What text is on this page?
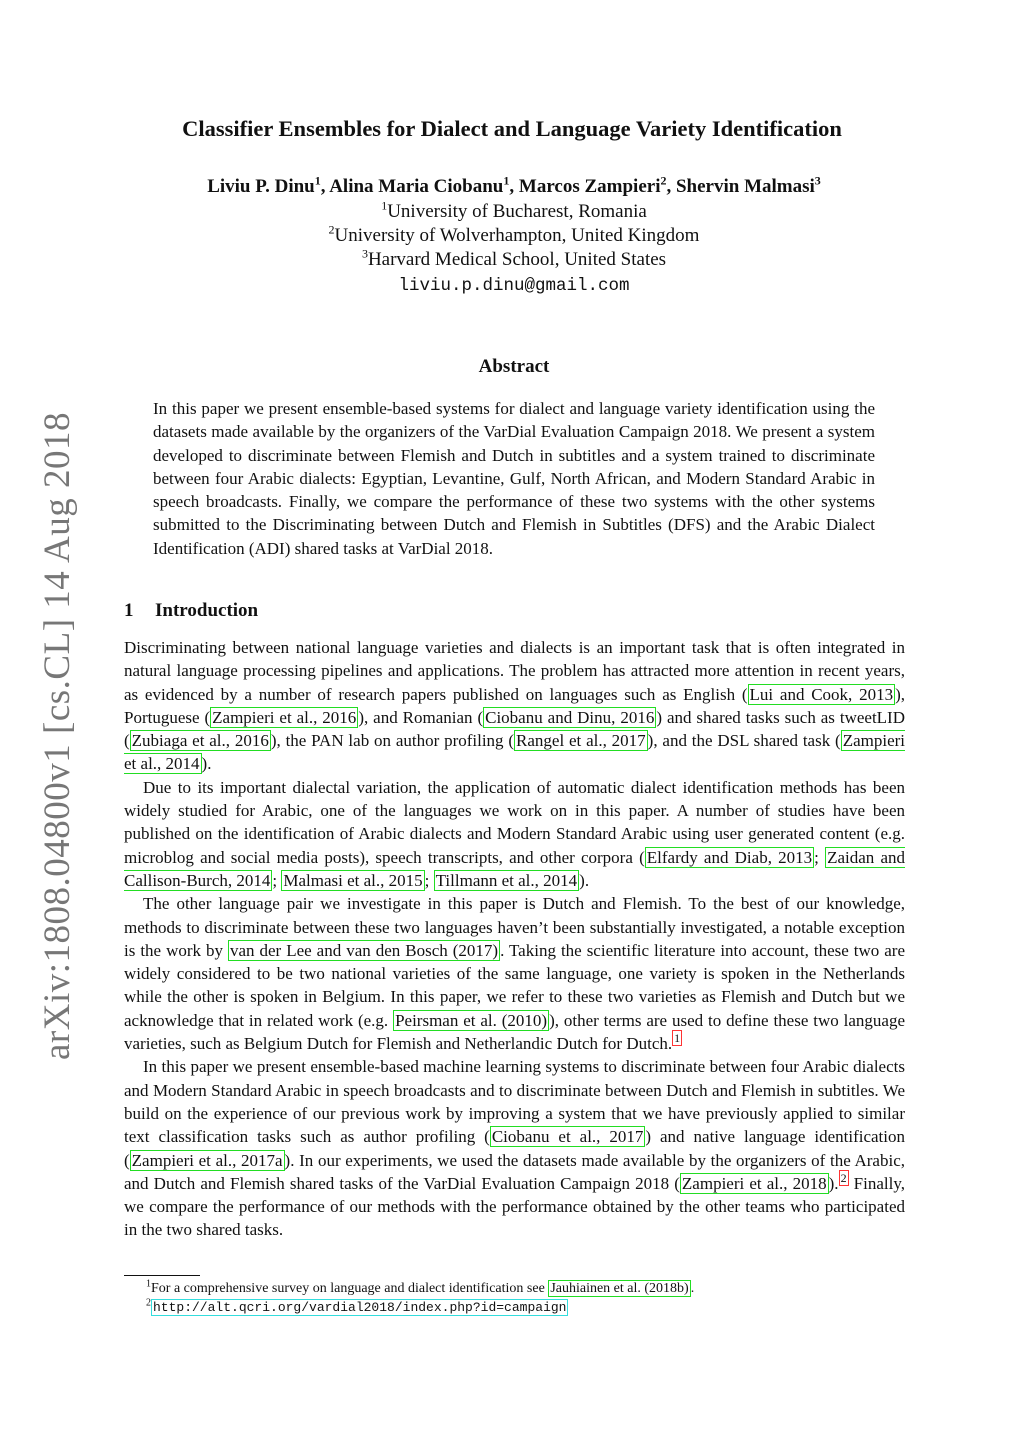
arXiv:1808.04800v1 [cs.CL] 14 Aug 2018
Classifier Ensembles for Dialect and Language Variety Identification
Liviu P. Dinu$^1$, Alina Maria Ciobanu$^1$, Marcos Zampieri$^2$, Shervin Malmasi$^3$
$^1$University of Bucharest, Romania
$^2$University of Wolverhampton, United Kingdom
$^3$Harvard Medical School, United States
liviu.p.dinu@gmail.com
Abstract
In this paper we present ensemble-based systems for dialect and language variety identification using the datasets made available by the organizers of the VarDial Evaluation Campaign 2018. We present a system developed to discriminate between Flemish and Dutch in subtitles and a system trained to discriminate between four Arabic dialects: Egyptian, Levantine, Gulf, North African, and Modern Standard Arabic in speech broadcasts. Finally, we compare the performance of these two systems with the other systems submitted to the Discriminating between Dutch and Flemish in Subtitles (DFS) and the Arabic Dialect Identification (ADI) shared tasks at VarDial 2018.
1 Introduction

Discriminating between national language varieties and dialects is an important task that is often integrated in natural language processing pipelines and applications. The problem has attracted more attention in recent years, as evidenced by a number of research papers published on languages such as English ( Lui and Cook, 2013 ), Portuguese ( Zampieri et al., 2016 ), and Romanian ( Ciobanu and Dinu, 2016 ) and shared tasks such as tweetLID ( Zubiaga et al., 2016 ), the PAN lab on author profiling ( Rangel et al., 2017 ), and the DSL shared task ( Zampieri et al., 2014 ).

Due to its important dialectal variation, the application of automatic dialect identification methods has been widely studied for Arabic, one of the languages we work on in this paper. A number of studies have been published on the identification of Arabic dialects and Modern Standard Arabic using user generated content (e.g. microblog and social media posts), speech transcripts, and other corpora ( Elfardy and Diab, 2013 ; Zaidan and Callison-Burch, 2014 ; Malmasi et al., 2015 ; Tillmann et al., 2014 ).

The other language pair we investigate in this paper is Dutch and Flemish. To the best of our knowledge, methods to discriminate between these two languages haven’t been substantially investigated, a notable exception is the work by van der Lee and van den Bosch (2017) . Taking the scientific literature into account, these two are widely considered to be two national varieties of the same language, one variety is spoken in the Netherlands while the other is spoken in Belgium. In this paper, we refer to these two varieties as Flemish and Dutch but we acknowledge that in related work (e.g. Peirsman et al. (2010) ), other terms are used to define these two language varieties, such as Belgium Dutch for Flemish and Netherlandic Dutch for Dutch. $^1$

In this paper we present ensemble-based machine learning systems to discriminate between four Arabic dialects and Modern Standard Arabic in speech broadcasts and to discriminate between Dutch and Flemish in subtitles. We build on the experience of our previous work by improving a system that we have previously applied to similar text classification tasks such as author profiling ( Ciobanu et al., 2017 ) and native language identification ( Zampieri et al., 2017a ). In our experiments, we used the datasets made available by the organizers of the Arabic, and Dutch and Flemish shared tasks of the VarDial Evaluation Campaign 2018 ( Zampieri et al., 2018 ). $^2$ Finally, we compare the performance of our methods with the performance obtained by the other teams who participated in the two shared tasks.

$^1$For a comprehensive survey on language and dialect identification see Jauhiainen et al. (2018b) .
$^2$ http://alt.qcri.org/vardial2018/index.php?id=campaign
